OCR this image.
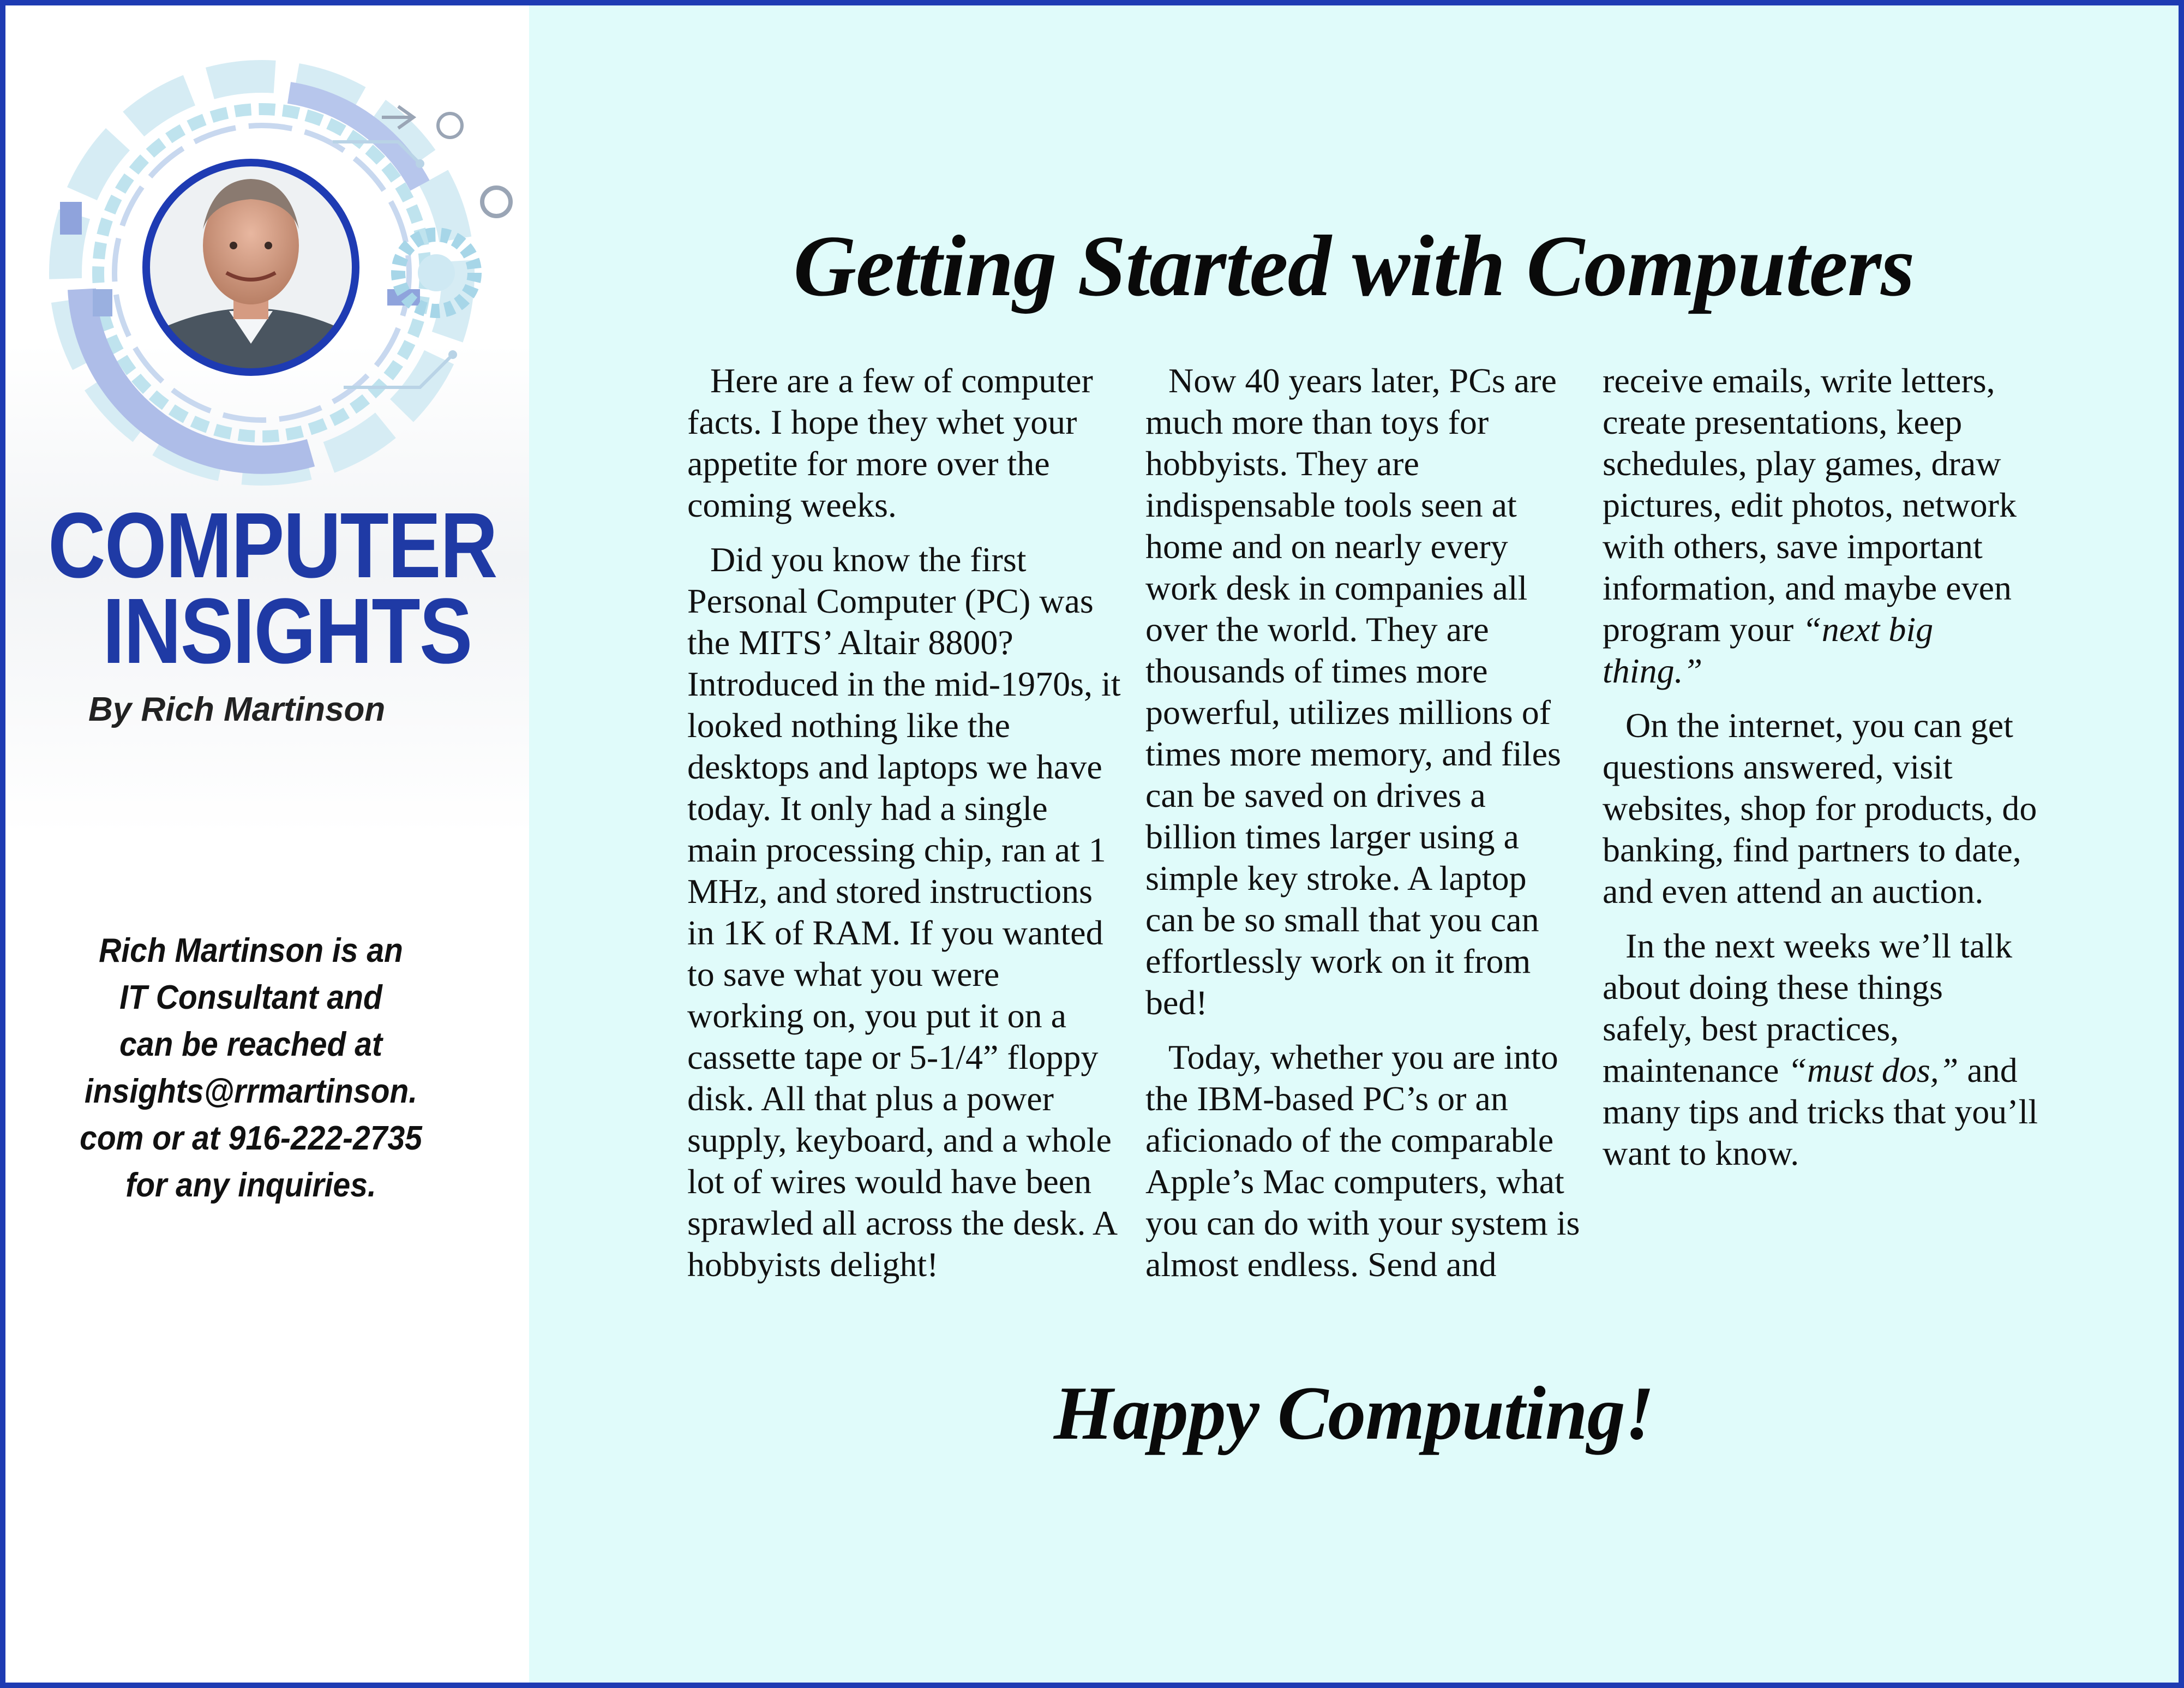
COMPUTER
INSIGHTS
By Rich Martinson
Rich Martinson is an
IT Consultant and
can be reached at
insights@rrmartinson.
com or at 916-222-2735
for any inquiries.
Getting Started with Computers

Here are a few of computer facts. I hope they whet your appetite for more over the coming weeks.

Did you know the first Personal Computer (PC) was the MITS’ Altair 8800? Introduced in the mid-1970s, it looked nothing like the desktops and laptops we have today. It only had a single main processing chip, ran at 1 MHz, and stored instructions in 1K of RAM. If you wanted to save what you were working on, you put it on a cassette tape or 5-1/4” floppy disk. All that plus a power supply, keyboard, and a whole lot of wires would have been sprawled all across the desk. A hobbyists delight!

Now 40 years later, PCs are much more than toys for hobbyists. They are indispensable tools seen at home and on nearly every work desk in companies all over the world. They are thousands of times more powerful, utilizes millions of times more memory, and files can be saved on drives a billion times larger using a simple key stroke. A laptop can be so small that you can effortlessly work on it from bed!

Today, whether you are into the IBM-based PC’s or an aficionado of the comparable Apple’s Mac computers, what you can do with your system is almost endless. Send and

receive emails, write letters, create presentations, keep schedules, play games, draw pictures, edit photos, network with others, save important information, and maybe even program your “next big thing.”

On the internet, you can get questions answered, visit websites, shop for products, do banking, find partners to date, and even attend an auction.

In the next weeks we’ll talk about doing these things safely, best practices, maintenance “must dos,” and many tips and tricks that you’ll want to know.

Happy Computing!
